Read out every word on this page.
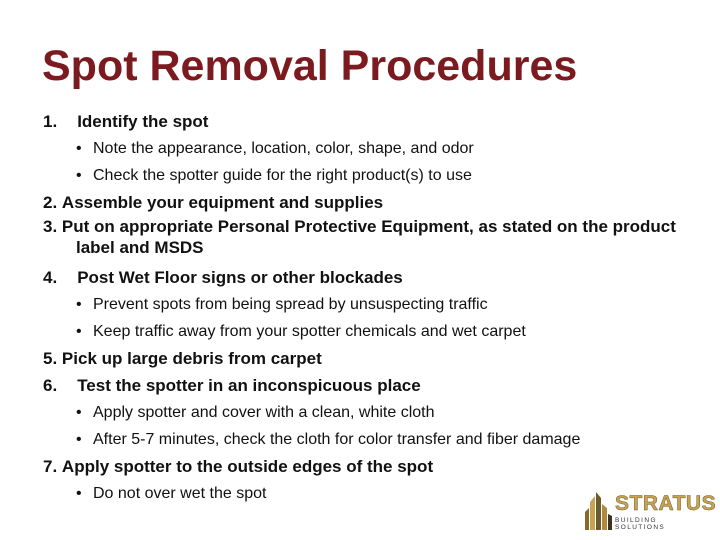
Spot Removal Procedures
1. Identify the spot
• Note the appearance, location, color, shape, and odor
• Check the spotter guide for the right product(s) to use
2. Assemble your equipment and supplies
3. Put on appropriate Personal Protective Equipment, as stated on the productlabel and MSDS
4. Post Wet Floor signs or other blockades
• Prevent spots from being spread by unsuspecting traffic
• Keep traffic away from your spotter chemicals and wet carpet
5. Pick up large debris from carpet
6. Test the spotter in an inconspicuous place
• Apply spotter and cover with a clean, white cloth
• After 5-7 minutes, check the cloth for color transfer and fiber damage
7. Apply spotter to the outside edges of the spot
• Do not over wet the spot	STRATUS
BUILDING SOLUTIONS
